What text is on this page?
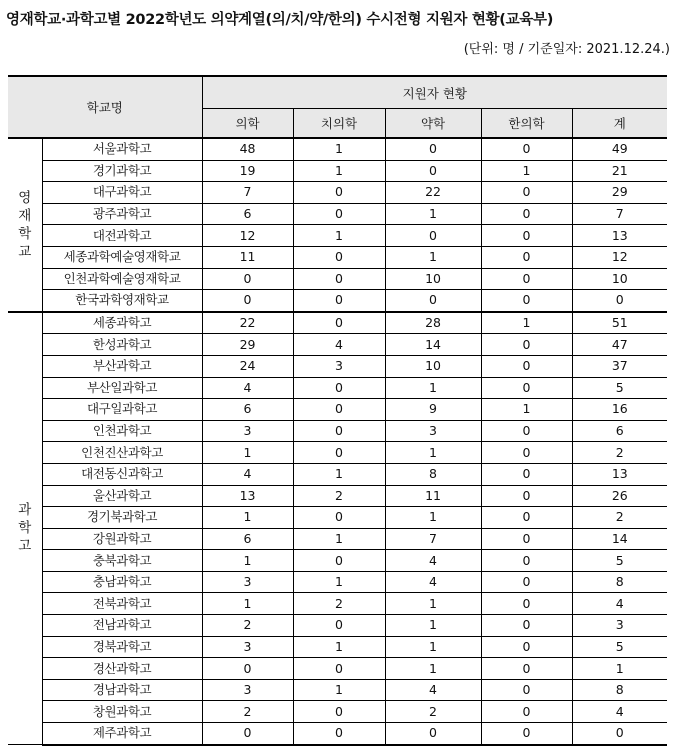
영재학교·과학고별 2022학년도 의약계열(의/치/약/한의) 수시전형 지원자 현황(교육부)
(단위: 명 / 기준일자: 2021.12.24.)
학교명		지원자 현황				
		의학	치의학	약학	한의학	계

영
재
학
교	서울과학고	48	1	0	0	49
	경기과학고	19	1	0	1	21
	대구과학고	7	0	22	0	29
	광주과학고	6	0	1	0	7
	대전과학고	12	1	0	0	13
	세종과학예술영재학교	11	0	1	0	12
	인천과학예술영재학교	0	0	10	0	10
	한국과학영재학교	0	0	0	0	0

과
학
고	세종과학고	22	0	28	1	51
	한성과학고	29	4	14	0	47
	부산과학고	24	3	10	0	37
	부산일과학고	4	0	1	0	5
	대구일과학고	6	0	9	1	16
	인천과학고	3	0	3	0	6
	인천진산과학고	1	0	1	0	2
	대전동신과학고	4	1	8	0	13
	울산과학고	13	2	11	0	26
	경기북과학고	1	0	1	0	2
	강원과학고	6	1	7	0	14
	충북과학고	1	0	4	0	5
	충남과학고	3	1	4	0	8
	전북과학고	1	2	1	0	4
	전남과학고	2	0	1	0	3
	경북과학고	3	1	1	0	5
	경산과학고	0	0	1	0	1
	경남과학고	3	1	4	0	8
	창원과학고	2	0	2	0	4
	제주과학고	0	0	0	0	0
